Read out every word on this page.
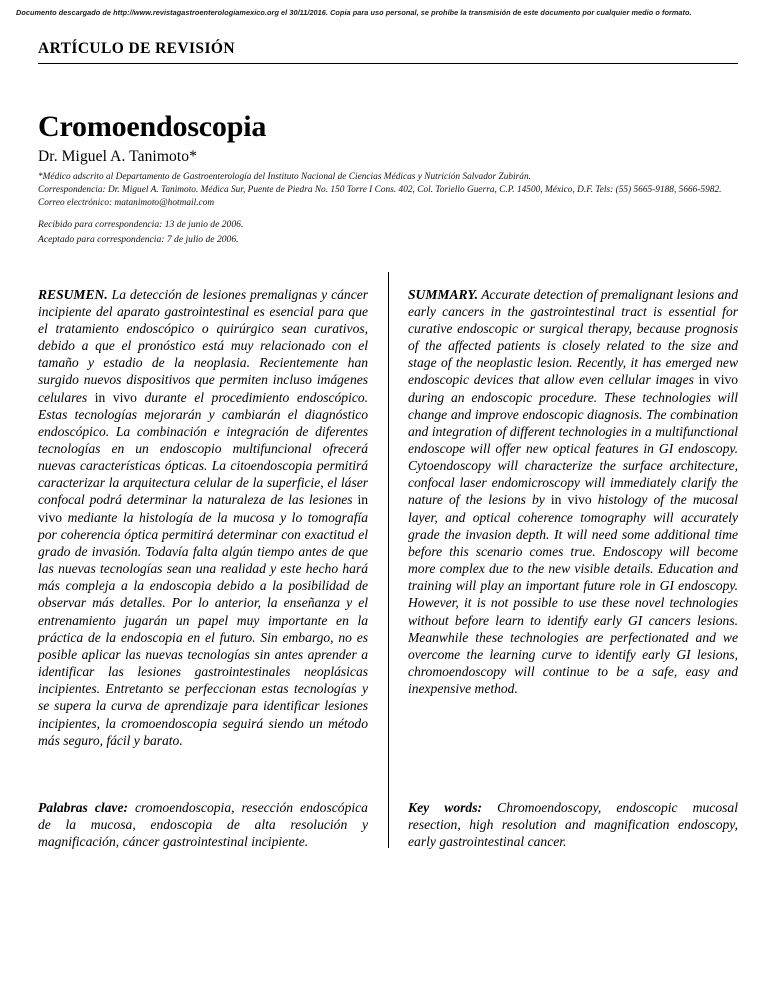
Documento descargado de http://www.revistagastroenterologiamexico.org el 30/11/2016. Copia para uso personal, se prohíbe la transmisión de este documento por cualquier medio o formato.
ARTÍCULO DE REVISIÓN
Cromoendoscopia
Dr. Miguel A. Tanimoto*
*Médico adscrito al Departamento de Gastroenterología del Instituto Nacional de Ciencias Médicas y Nutrición Salvador Zubirán.
Correspondencia: Dr. Miguel A. Tanimoto. Médica Sur, Puente de Piedra No. 150 Torre I Cons. 402, Col. Toriello Guerra, C.P. 14500, México, D.F. Tels: (55) 5665-9188, 5666-5982. Correo electrónico: matanimoto@hotmail.com
Recibido para correspondencia: 13 de junio de 2006.
Aceptado para correspondencia: 7 de julio de 2006.

RESUMEN. La detección de lesiones premalignas y cáncer incipiente del aparato gastrointestinal es esencial para que el tratamiento endoscópico o quirúrgico sean curativos, debido a que el pronóstico está muy relacionado con el tamaño y estadio de la neoplasia. Recientemente han surgido nuevos dispositivos que permiten incluso imágenes celulares in vivo durante el procedimiento endoscópico. Estas tecnologías mejorarán y cambiarán el diagnóstico endoscópico. La combinación e integración de diferentes tecnologías en un endoscopio multifuncional ofrecerá nuevas características ópticas. La citoendoscopia permitirá caracterizar la arquitectura celular de la superficie, el láser confocal podrá determinar la naturaleza de las lesiones in vivo mediante la histología de la mucosa y lo tomografía por coherencia óptica permitirá determinar con exactitud el grado de invasión. Todavía falta algún tiempo antes de que las nuevas tecnologías sean una realidad y este hecho hará más compleja a la endoscopia debido a la posibilidad de observar más detalles. Por lo anterior, la enseñanza y el entrenamiento jugarán un papel muy importante en la práctica de la endoscopia en el futuro. Sin embargo, no es posible aplicar las nuevas tecnologías sin antes aprender a identificar las lesiones gastrointestinales neoplásicas incipientes. Entretanto se perfeccionan estas tecnologías y se supera la curva de aprendizaje para identificar lesiones incipientes, la cromoendoscopia seguirá siendo un método más seguro, fácil y barato.

Palabras clave: cromoendoscopia, resección endoscópica de la mucosa, endoscopia de alta resolución y magnificación, cáncer gastrointestinal incipiente.

SUMMARY. Accurate detection of premalignant lesions and early cancers in the gastrointestinal tract is essential for curative endoscopic or surgical therapy, because prognosis of the affected patients is closely related to the size and stage of the neoplastic lesion. Recently, it has emerged new endoscopic devices that allow even cellular images in vivo during an endoscopic procedure. These technologies will change and improve endoscopic diagnosis. The combination and integration of different technologies in a multifunctional endoscope will offer new optical features in GI endoscopy. Cytoendoscopy will characterize the surface architecture, confocal laser endomicroscopy will immediately clarify the nature of the lesions by in vivo histology of the mucosal layer, and optical coherence tomography will accurately grade the invasion depth. It will need some additional time before this scenario comes true. Endoscopy will become more complex due to the new visible details. Education and training will play an important future role in GI endoscopy. However, it is not possible to use these novel technologies without before learn to identify early GI cancers lesions. Meanwhile these technologies are perfectionated and we overcome the learning curve to identify early GI lesions, chromoendoscopy will continue to be a safe, easy and inexpensive method.

Key words: Chromoendoscopy, endoscopic mucosal resection, high resolution and magnification endoscopy, early gastrointestinal cancer.
